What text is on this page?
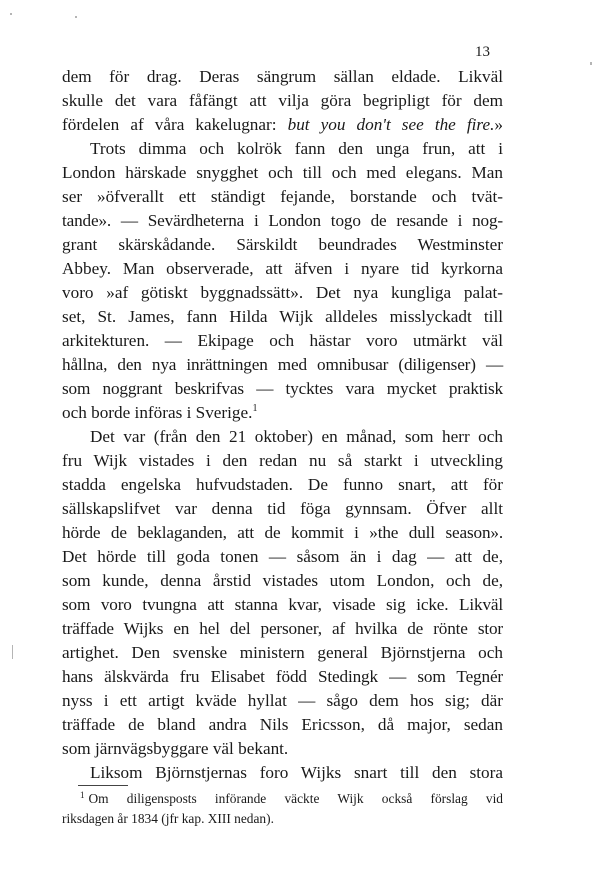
13
dem för drag. Deras sängrum sällan eldade. Likväl
skulle det vara fåfängt att vilja göra begripligt för dem
fördelen af våra kakelugnar: but you don't see the fire.»
Trots dimma och kolrök fann den unga frun, att i
London härskade snygghet och till och med elegans. Man
ser »öfverallt ett ständigt fejande, borstande och tvät-
tande». — Sevärdheterna i London togo de resande i nog-
grant skärskådande. Särskildt beundrades Westminster
Abbey. Man observerade, att äfven i nyare tid kyrkorna
voro »af götiskt byggnadssätt». Det nya kungliga palat-
set, St. James, fann Hilda Wijk alldeles misslyckadt till
arkitekturen. — Ekipage och hästar voro utmärkt väl
hållna, den nya inrättningen med omnibusar (diligenser) —
som noggrant beskrifvas — tycktes vara mycket praktisk
och borde införas i Sverige.$^1$
Det var (från den 21 oktober) en månad, som herr och
fru Wijk vistades i den redan nu så starkt i utveckling
stadda engelska hufvudstaden. De funno snart, att för
sällskapslifvet var denna tid föga gynnsam. Öfver allt
hörde de beklaganden, att de kommit i »the dull season».
Det hörde till goda tonen — såsom än i dag — att de,
som kunde, denna årstid vistades utom London, och de,
som voro tvungna att stanna kvar, visade sig icke. Likväl
träffade Wijks en hel del personer, af hvilka de rönte stor
artighet. Den svenske ministern general Björnstjerna och
hans älskvärda fru Elisabet född Stedingk — som Tegnér
nyss i ett artigt kväde hyllat — sågo dem hos sig; där
träffade de bland andra Nils Ericsson, då major, sedan
som järnvägsbyggare väl bekant.
Liksom Björnstjernas foro Wijks snart till den stora
$^1$ Om diligensposts införande väckte Wijk också förslag vid
riksdagen år 1834 (jfr kap. XIII nedan).
